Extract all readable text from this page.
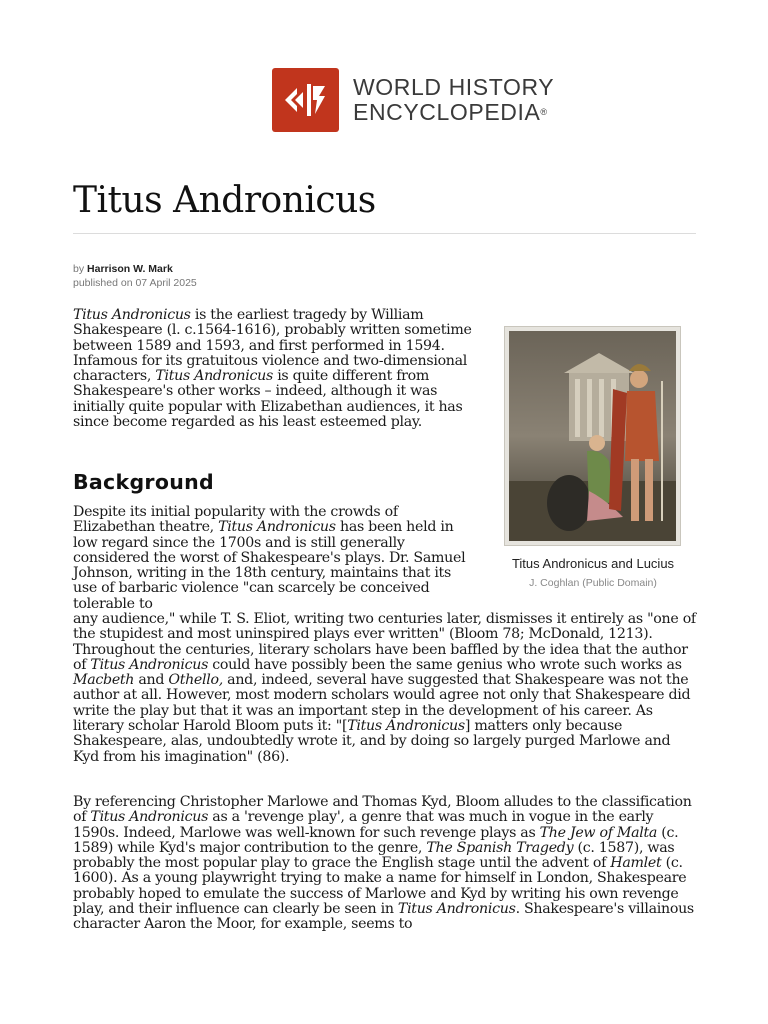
WORLD HISTORY
ENCYCLOPEDIA®
Titus Andronicus
by Harrison W. Mark
published on 07 April 2025

Titus Andronicus is the earliest tragedy by William Shakespeare (l. c.1564-1616), probably written sometime between 1589 and 1593, and first performed in 1594. Infamous for its gratuitous violence and two-dimensional characters, Titus Andronicus is quite different from Shakespeare's other works – indeed, although it was initially quite popular with Elizabethan audiences, it has since become regarded as his least esteemed play.

Titus Andronicus and Lucius
J. Coghlan (Public Domain)
Background

Despite its initial popularity with the crowds of Elizabethan theatre, Titus Andronicus has been held in low regard since the 1700s and is still generally considered the worst of Shakespeare's plays. Dr. Samuel Johnson, writing in the 18th century, maintains that its use of barbaric violence "can scarcely be conceived tolerable to

any audience," while T. S. Eliot, writing two centuries later, dismisses it entirely as "one of the stupidest and most uninspired plays ever written" (Bloom 78; McDonald, 1213). Throughout the centuries, literary scholars have been baffled by the idea that the author of Titus Andronicus could have possibly been the same genius who wrote such works as Macbeth and Othello, and, indeed, several have suggested that Shakespeare was not the author at all. However, most modern scholars would agree not only that Shakespeare did write the play but that it was an important step in the development of his career. As literary scholar Harold Bloom puts it: "[Titus Andronicus] matters only because Shakespeare, alas, undoubtedly wrote it, and by doing so largely purged Marlowe and Kyd from his imagination" (86).

By referencing Christopher Marlowe and Thomas Kyd, Bloom alludes to the classification of Titus Andronicus as a 'revenge play', a genre that was much in vogue in the early 1590s. Indeed, Marlowe was well-known for such revenge plays as The Jew of Malta (c. 1589) while Kyd's major contribution to the genre, The Spanish Tragedy (c. 1587), was probably the most popular play to grace the English stage until the advent of Hamlet (c. 1600). As a young playwright trying to make a name for himself in London, Shakespeare probably hoped to emulate the success of Marlowe and Kyd by writing his own revenge play, and their influence can clearly be seen in Titus Andronicus. Shakespeare's villainous character Aaron the Moor, for example, seems to
